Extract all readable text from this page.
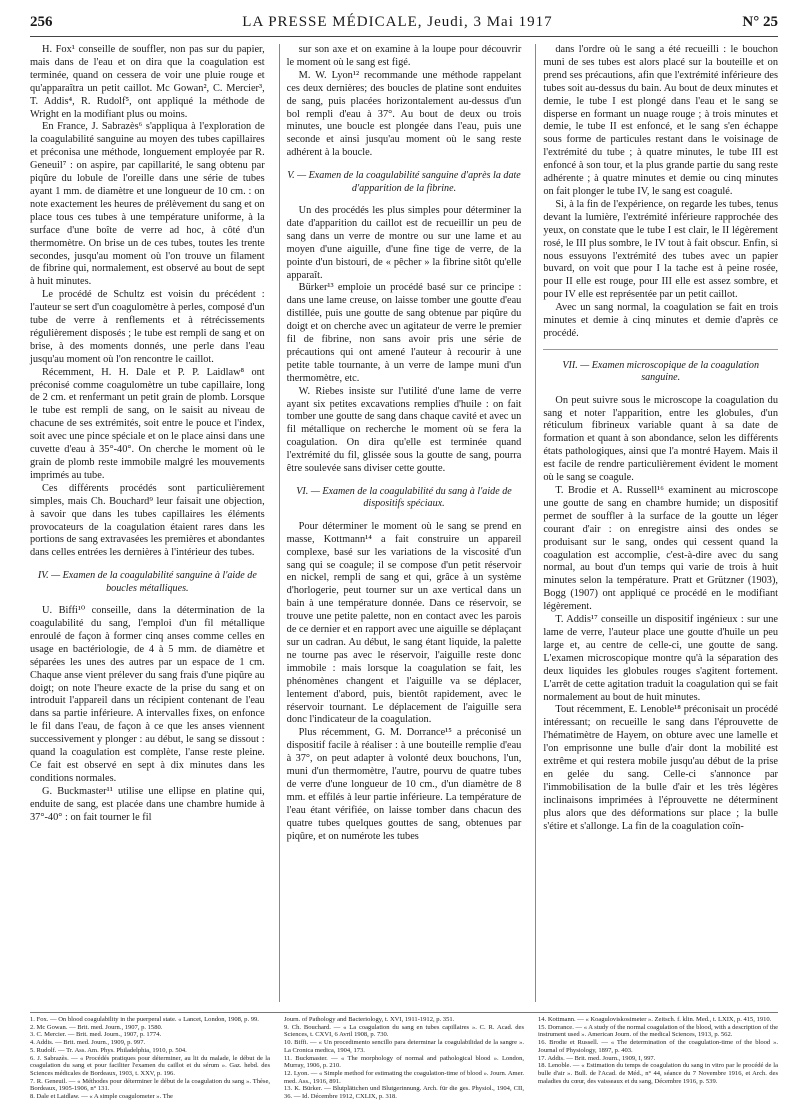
256	LA PRESSE MÉDICALE, Jeudi, 3 Mai 1917	N° 25

H. Fox¹ conseille de souffler, non pas sur du papier, mais dans de l'eau et on dira que la coagulation est terminée, quand on cessera de voir une pluie rouge et qu'apparaîtra un petit caillot. Mc Gowan², C. Mercier³, T. Addis⁴, R. Rudolf⁵, ont appliqué la méthode de Wright en la modifiant plus ou moins.

En France, J. Sabrazès⁶ s'appliqua à l'exploration de la coagulabilité sanguine au moyen des tubes capillaires et préconisa une méthode, longuement employée par R. Geneuil⁷ : on aspire, par capillarité, le sang obtenu par piqûre du lobule de l'oreille dans une série de tubes ayant 1 mm. de diamètre et une longueur de 10 cm. : on note exactement les heures de prélèvement du sang et on place tous ces tubes à une température uniforme, à la surface d'une boîte de verre ad hoc, à côté d'un thermomètre. On brise un de ces tubes, toutes les trente secondes, jusqu'au moment où l'on trouve un filament de fibrine qui, normalement, est observé au bout de sept à huit minutes.

Le procédé de Schultz est voisin du précédent : l'auteur se sert d'un coagulomètre à perles, composé d'un tube de verre à renflements et à rétrécissements régulièrement disposés ; le tube est rempli de sang et on brise, à des moments donnés, une perle dans l'eau jusqu'au moment où l'on rencontre le caillot.

Récemment, H. H. Dale et P. P. Laidlaw⁸ ont préconisé comme coagulomètre un tube capillaire, long de 2 cm. et renfermant un petit grain de plomb. Lorsque le tube est rempli de sang, on le saisit au niveau de chacune de ses extrémités, soit entre le pouce et l'index, soit avec une pince spéciale et on le place ainsi dans une cuvette d'eau à 35°-40°. On cherche le moment où le grain de plomb reste immobile malgré les mouvements imprimés au tube.

Ces différents procédés sont particulièrement simples, mais Ch. Bouchard⁹ leur faisait une objection, à savoir que dans les tubes capillaires les éléments provocateurs de la coagulation étaient rares dans les portions de sang extravasées les premières et abondantes dans celles entrées les dernières à l'intérieur des tubes.

IV. — Examen de la coagulabilité sanguine à l'aide de boucles métalliques.

U. Biffi¹⁰ conseille, dans la détermination de la coagulabilité du sang, l'emploi d'un fil métallique enroulé de façon à former cinq anses comme celles en usage en bactériologie, de 4 à 5 mm. de diamètre et séparées les unes des autres par un espace de 1 cm. Chaque anse vient prélever du sang frais d'une piqûre au doigt; on note l'heure exacte de la prise du sang et on introduit l'appareil dans un récipient contenant de l'eau dans sa partie inférieure. A intervalles fixes, on enfonce le fil dans l'eau, de façon à ce que les anses viennent successivement y plonger : au début, le sang se dissout : quand la coagulation est complète, l'anse reste pleine. Ce fait est observé en sept à dix minutes dans les conditions normales.

G. Buckmaster¹¹ utilise une ellipse en platine qui, enduite de sang, est placée dans une chambre humide à 37°-40° : on fait tourner le fil

sur son axe et on examine à la loupe pour découvrir le moment où le sang est figé.

M. W. Lyon¹² recommande une méthode rappelant ces deux dernières; des boucles de platine sont enduites de sang, puis placées horizontalement au-dessus d'un bol rempli d'eau à 37°. Au bout de deux ou trois minutes, une boucle est plongée dans l'eau, puis une seconde et ainsi jusqu'au moment où le sang reste adhérent à la boucle.

V. — Examen de la coagulabilité sanguine d'après la date d'apparition de la fibrine.

Un des procédés les plus simples pour déterminer la date d'apparition du caillot est de recueillir un peu de sang dans un verre de montre ou sur une lame et au moyen d'une aiguille, d'une fine tige de verre, de la pointe d'un bistouri, de « pêcher » la fibrine sitôt qu'elle apparaît.

Bürker¹³ emploie un procédé basé sur ce principe : dans une lame creuse, on laisse tomber une goutte d'eau distillée, puis une goutte de sang obtenue par piqûre du doigt et on cherche avec un agitateur de verre le premier fil de fibrine, non sans avoir pris une série de précautions qui ont amené l'auteur à recourir à une petite table tournante, à un verre de lampe muni d'un thermomètre, etc.

W. Riebes insiste sur l'utilité d'une lame de verre ayant six petites excavations remplies d'huile : on fait tomber une goutte de sang dans chaque cavité et avec un fil métallique on recherche le moment où se fera la coagulation. On dira qu'elle est terminée quand l'extrémité du fil, glissée sous la goutte de sang, pourra être soulevée sans diviser cette goutte.

VI. — Examen de la coagulabilité du sang à l'aide de dispositifs spéciaux.

Pour déterminer le moment où le sang se prend en masse, Kottmann¹⁴ a fait construire un appareil complexe, basé sur les variations de la viscosité d'un sang qui se coagule; il se compose d'un petit réservoir en nickel, rempli de sang et qui, grâce à un système d'horlogerie, peut tourner sur un axe vertical dans un bain à une température donnée. Dans ce réservoir, se trouve une petite palette, non en contact avec les parois de ce dernier et en rapport avec une aiguille se déplaçant sur un cadran. Au début, le sang étant liquide, la palette ne tourne pas avec le réservoir, l'aiguille reste donc immobile : mais lorsque la coagulation se fait, les phénomènes changent et l'aiguille va se déplacer, lentement d'abord, puis, bientôt rapidement, avec le réservoir tournant. Le déplacement de l'aiguille sera donc l'indicateur de la coagulation.

Plus récemment, G. M. Dorrance¹⁵ a préconisé un dispositif facile à réaliser : à une bouteille remplie d'eau à 37°, on peut adapter à volonté deux bouchons, l'un, muni d'un thermomètre, l'autre, pourvu de quatre tubes de verre d'une longueur de 10 cm., d'un diamètre de 8 mm. et effilés à leur partie inférieure. La température de l'eau étant vérifiée, on laisse tomber dans chacun des quatre tubes quelques gouttes de sang, obtenues par piqûre, et on numérote les tubes

dans l'ordre où le sang a été recueilli : le bouchon muni de ses tubes est alors placé sur la bouteille et on prend ses précautions, afin que l'extrémité inférieure des tubes soit au-dessus du bain. Au bout de deux minutes et demie, le tube I est plongé dans l'eau et le sang se disperse en formant un nuage rouge ; à trois minutes et demie, le tube II est enfoncé, et le sang s'en échappe sous forme de particules restant dans le voisinage de l'extrémité du tube ; à quatre minutes, le tube III est enfoncé à son tour, et la plus grande partie du sang reste adhérente ; à quatre minutes et demie ou cinq minutes on fait plonger le tube IV, le sang est coagulé.

Si, à la fin de l'expérience, on regarde les tubes, tenus devant la lumière, l'extrémité inférieure rapprochée des yeux, on constate que le tube I est clair, le II légèrement rosé, le III plus sombre, le IV tout à fait obscur. Enfin, si nous essuyons l'extrémité des tubes avec un papier buvard, on voit que pour I la tache est à peine rosée, pour II elle est rouge, pour III elle est assez sombre, et pour IV elle est représentée par un petit caillot.

Avec un sang normal, la coagulation se fait en trois minutes et demie à cinq minutes et demie d'après ce procédé.

VII. — Examen microscopique de la coagulation sanguine.

On peut suivre sous le microscope la coagulation du sang et noter l'apparition, entre les globules, d'un réticulum fibrineux variable quant à sa date de formation et quant à son abondance, selon les différents états pathologiques, ainsi que l'a montré Hayem. Mais il est facile de rendre particulièrement évident le moment où le sang se coagule.

T. Brodie et A. Russell¹⁶ examinent au microscope une goutte de sang en chambre humide; un dispositif permet de souffler à la surface de la goutte un léger courant d'air : on enregistre ainsi des ondes se produisant sur le sang, ondes qui cessent quand la coagulation est accomplie, c'est-à-dire avec du sang normal, au bout d'un temps qui varie de trois à huit minutes selon la température. Pratt et Grützner (1903), Bogg (1907) ont appliqué ce procédé en le modifiant légèrement.

T. Addis¹⁷ conseille un dispositif ingénieux : sur une lame de verre, l'auteur place une goutte d'huile un peu large et, au centre de celle-ci, une goutte de sang. L'examen microscopique montre qu'à la séparation des deux liquides les globules rouges s'agitent fortement. L'arrêt de cette agitation traduit la coagulation qui se fait normalement au bout de huit minutes.

Tout récemment, E. Lenoble¹⁸ préconisait un procédé intéressant; on recueille le sang dans l'éprouvette de l'hématimètre de Hayem, on obture avec une lamelle et l'on emprisonne une bulle d'air dont la mobilité est extrême et qui restera mobile jusqu'au début de la prise en gelée du sang. Celle-ci s'annonce par l'immobilisation de la bulle d'air et les très légères inclinaisons imprimées à l'éprouvette ne déterminent plus alors que des déformations sur place ; la bulle s'étire et s'allonge. La fin de la coagulation coïn-

1. Fox. — On blood coagulability in the puerperal state. « Lancet, London, 1908, p. 99.
2. Mc Gowan. — Brit. med. Journ., 1907, p. 1580.
3. C. Mercier. — Brit. med. Journ., 1907, p. 1774.
4. Addis. — Brit. med. Journ., 1909, p. 997.
5. Rudolf. — Tr. Ass. Am. Phys. Philadelphia, 1910, p. 504.
6. J. Sabrazès. — « Procédés pratiques pour déterminer, au lit du malade, le début de la coagulation du sang et pour faciliter l'examen du caillot et du sérum ». Gaz. hebd. des Sciences médicales de Bordeaux, 1903, t. XXV, p. 196.
7. R. Geneuil. — « Méthodes pour déterminer le début de la coagulation du sang ». Thèse, Bordeaux, 1905-1906, n° 131.
8. Dale et Laidlaw. — « A simple coagulometer ». The
Journ. of Pathology and Bacteriology, t. XVI, 1911-1912, p. 351.
9. Ch. Bouchard. — « La coagulation du sang en tubes capillaires ». C. R. Acad. des Sciences, t. CXVI, 6 Avril 1908, p. 730.
10. Biffi. — « Un procedimento sencillo para determinar la coagulabilidad de la sangre ». La Cronica medica, 1904, 173.
11. Buckmaster. — « The morphology of normal and pathological blood ». London, Murray, 1906, p. 210.
12. Lyon. — « Simple method for estimating the coagulation-time of blood ». Journ. Amer. med. Ass., 1916, 891.
13. K. Bürker. — Blutplättchen und Blutgerinnung. Arch. für die ges. Physiol., 1904, CII, 36. — Id. Décembre 1912, CXLIX, p. 318.
14. Kottmann. — « Koaguloviskosimeter ». Zeitsch. f. klin. Med., t. LXIX, p. 415, 1910.
15. Dorrance. — « A study of the normal coagulation of the blood, with a description of the instrument used ». American Journ. of the medical Sciences, 1913, p. 562.
16. Brodie et Russell. — « The determination of the coagulation-time of the blood ». Journal of Physiology, 1897, p. 403.
17. Addis. — Brit. med. Journ., 1909, I, 997.
18. Lenoble. — « Estimation du temps de coagulation du sang in vitro par le procédé de la bulle d'air ». Bull. de l'Acad. de Méd., n° 44, séance du 7 Novembre 1916, et Arch. des maladies du cœur, des vaisseaux et du sang, Décembre 1916, p. 539.
